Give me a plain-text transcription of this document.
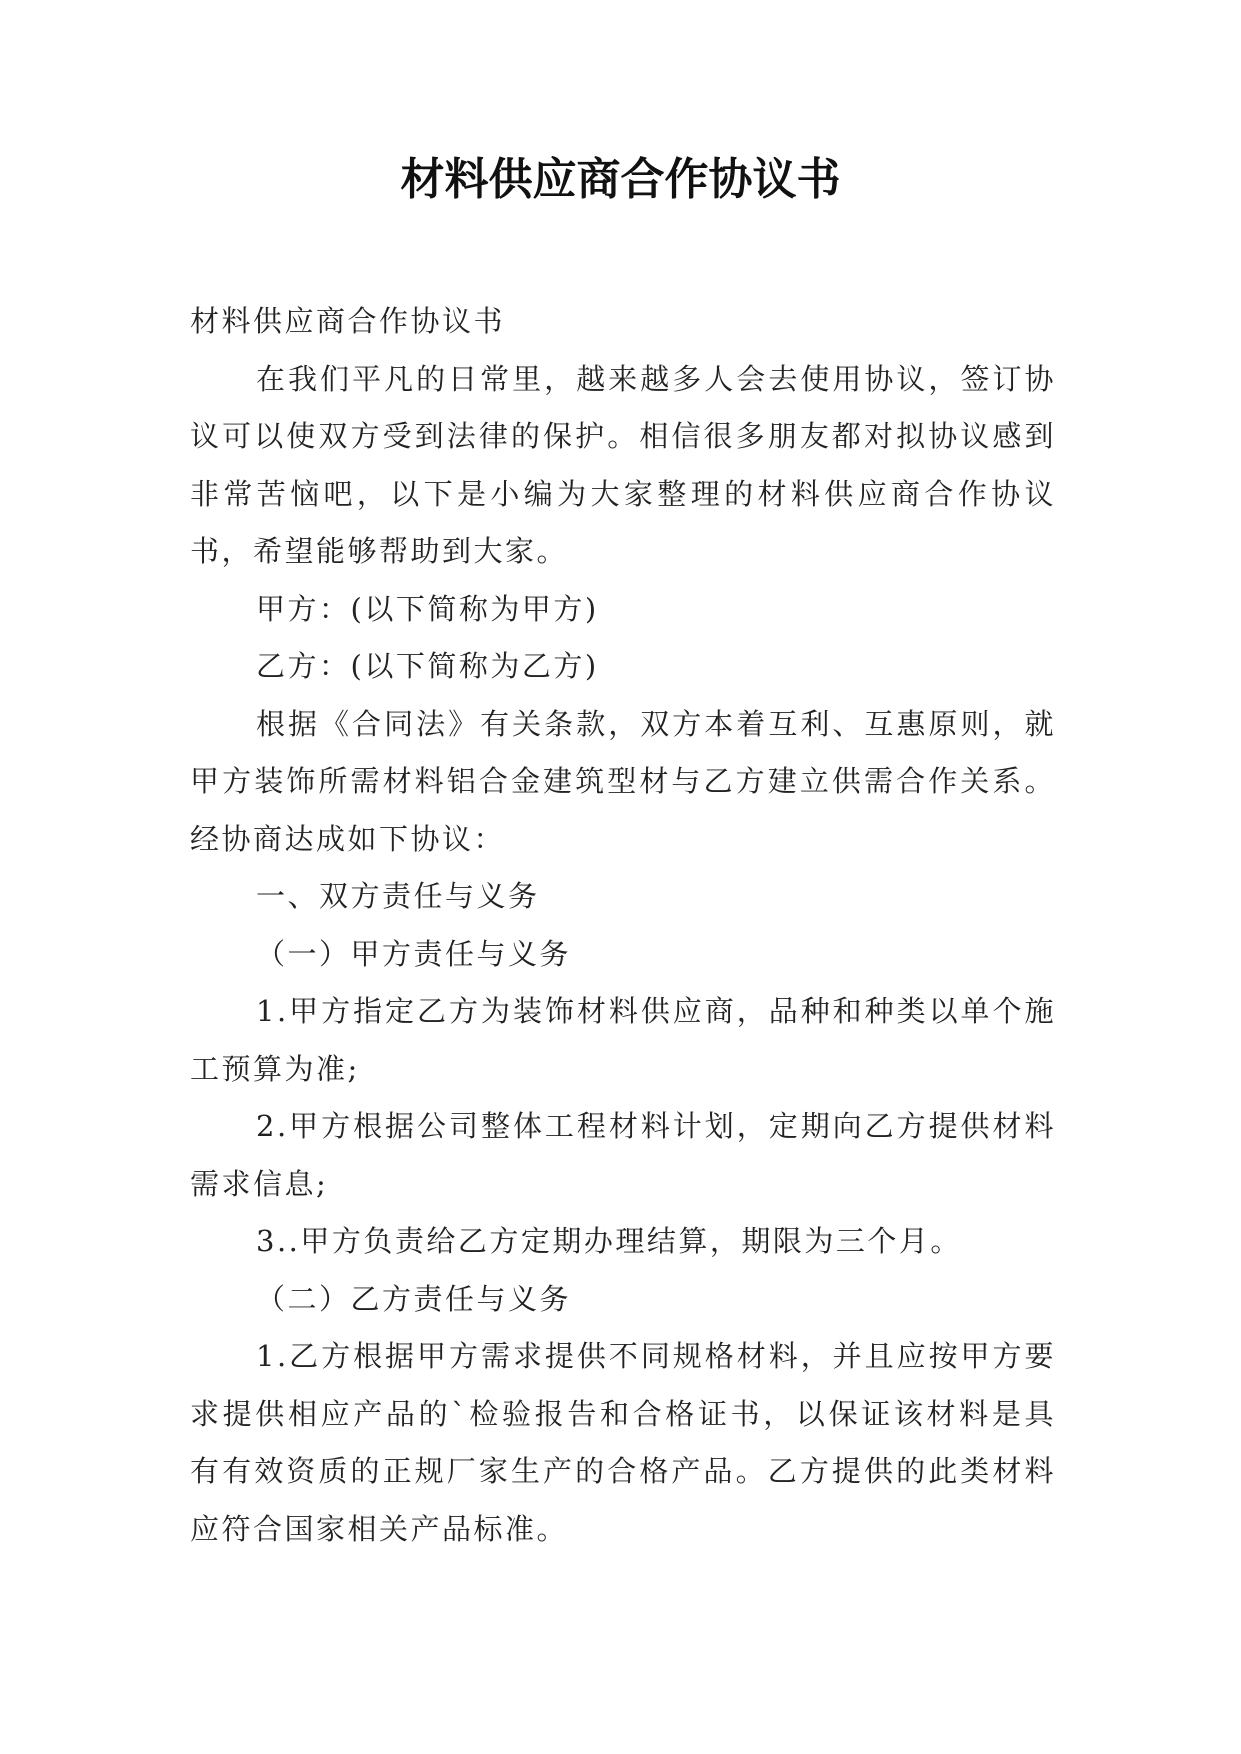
材料供应商合作协议书

材料供应商合作协议书

在我们平凡的日常里，越来越多人会去使用协议，签订协议可以使双方受到法律的保护。相信很多朋友都对拟协议感到非常苦恼吧，以下是小编为大家整理的材料供应商合作协议书，希望能够帮助到大家。

甲方：(以下简称为甲方)

乙方：(以下简称为乙方)

根据《合同法》有关条款，双方本着互利、互惠原则，就甲方装饰所需材料铝合金建筑型材与乙方建立供需合作关系。经协商达成如下协议：

一、双方责任与义务

（一）甲方责任与义务

1.甲方指定乙方为装饰材料供应商，品种和种类以单个施工预算为准;

2.甲方根据公司整体工程材料计划，定期向乙方提供材料需求信息;

3..甲方负责给乙方定期办理结算，期限为三个月。

（二）乙方责任与义务

1.乙方根据甲方需求提供不同规格材料，并且应按甲方要求提供相应产品的`检验报告和合格证书，以保证该材料是具有有效资质的正规厂家生产的合格产品。乙方提供的此类材料应符合国家相关产品标准。
